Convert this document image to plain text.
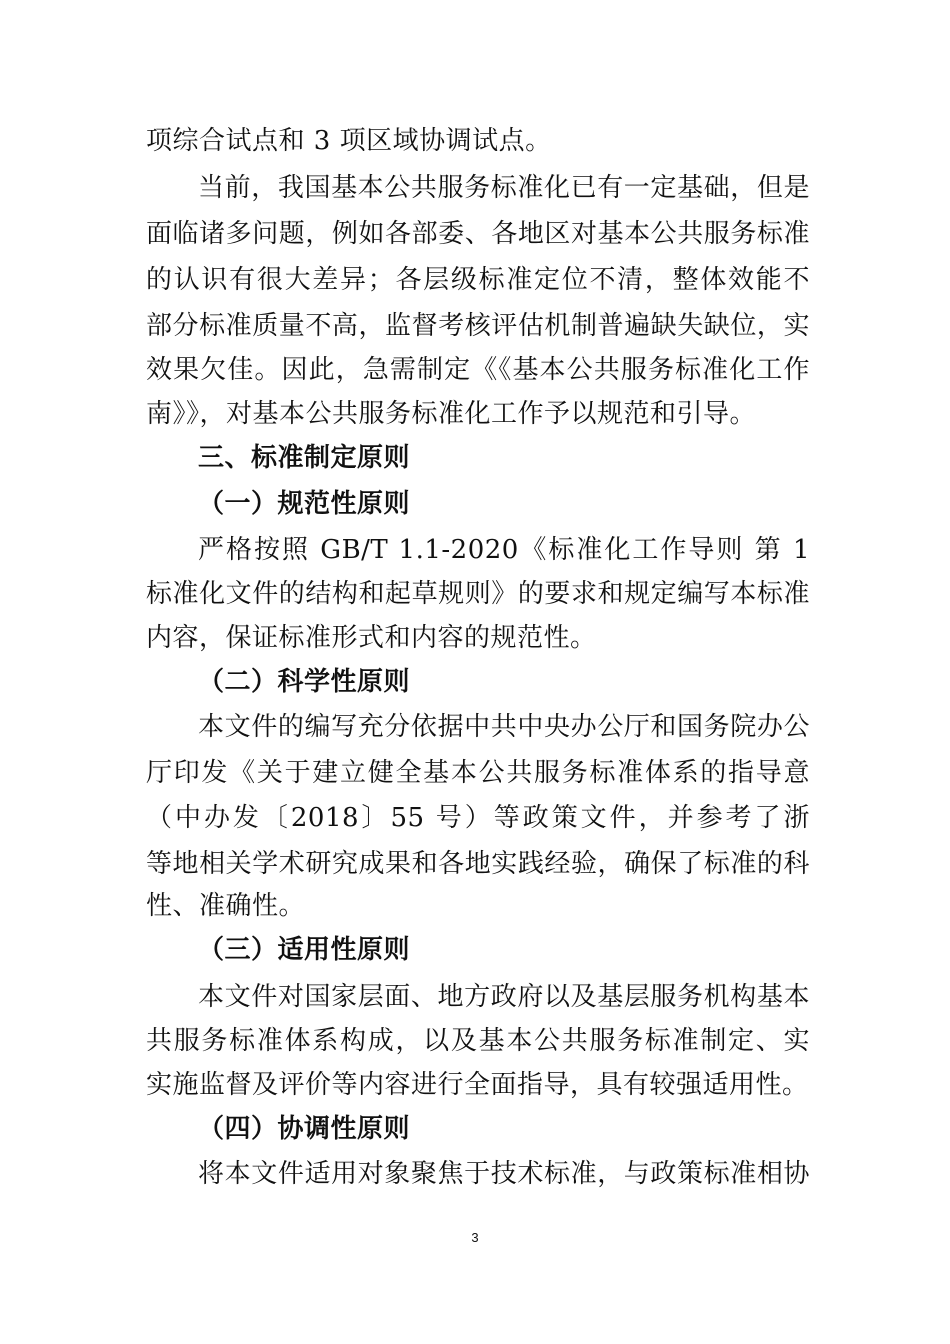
项综合试点和 3 项区域协调试点。
当前，我国基本公共服务标准化已有一定基础，但是
面临诸多问题，例如各部委、各地区对基本公共服务标准
的认识有很大差异；各层级标准定位不清，整体效能不
部分标准质量不高，监督考核评估机制普遍缺失缺位，实
效果欠佳。因此，急需制定《《基本公共服务标准化工作
南》》，对基本公共服务标准化工作予以规范和引导。
三、标准制定原则
（一）规范性原则
严格按照 GB/T 1.1-2020《标准化工作导则 第 1
标准化文件的结构和起草规则》的要求和规定编写本标准
内容，保证标准形式和内容的规范性。
（二）科学性原则
本文件的编写充分依据中共中央办公厅和国务院办公
厅印发《关于建立健全基本公共服务标准体系的指导意
（中办发〔2018〕55 号）等政策文件，并参考了浙
等地相关学术研究成果和各地实践经验，确保了标准的科
性、准确性。
（三）适用性原则
本文件对国家层面、地方政府以及基层服务机构基本
共服务标准体系构成，以及基本公共服务标准制定、实
实施监督及评价等内容进行全面指导，具有较强适用性。
（四）协调性原则
将本文件适用对象聚焦于技术标准，与政策标准相协
3
